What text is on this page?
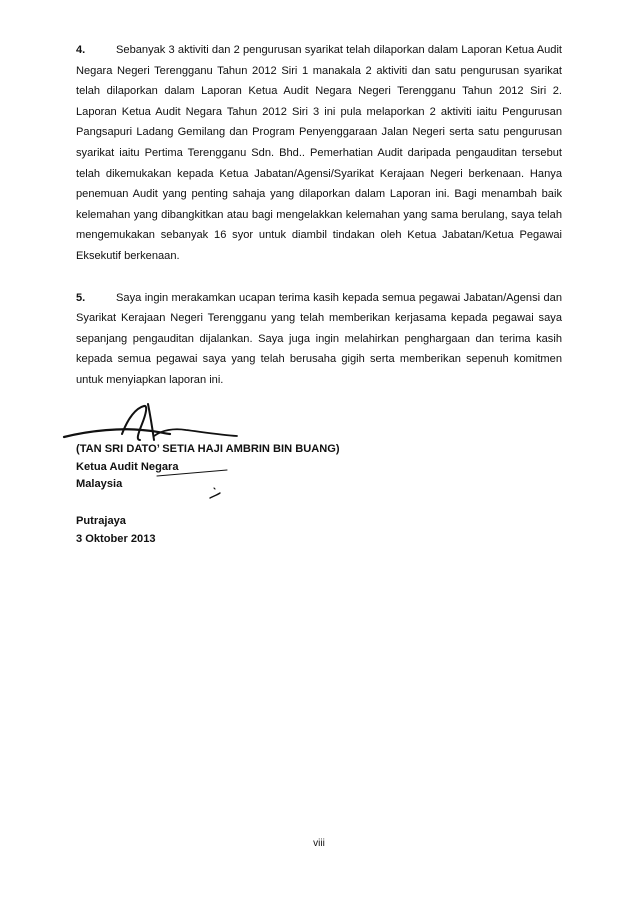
4.	Sebanyak 3 aktiviti dan 2 pengurusan syarikat telah dilaporkan dalam Laporan Ketua Audit Negara Negeri Terengganu Tahun 2012 Siri 1 manakala 2 aktiviti dan satu pengurusan syarikat telah dilaporkan dalam Laporan Ketua Audit Negara Negeri Terengganu Tahun 2012 Siri 2. Laporan Ketua Audit Negara Tahun 2012 Siri 3 ini pula melaporkan 2 aktiviti iaitu Pengurusan Pangsapuri Ladang Gemilang dan Program Penyenggaraan Jalan Negeri serta satu pengurusan syarikat iaitu Pertima Terengganu Sdn. Bhd.. Pemerhatian Audit daripada pengauditan tersebut telah dikemukakan kepada Ketua Jabatan/Agensi/Syarikat Kerajaan Negeri berkenaan. Hanya penemuan Audit yang penting sahaja yang dilaporkan dalam Laporan ini. Bagi menambah baik kelemahan yang dibangkitkan atau bagi mengelakkan kelemahan yang sama berulang, saya telah mengemukakan sebanyak 16 syor untuk diambil tindakan oleh Ketua Jabatan/Ketua Pegawai Eksekutif berkenaan.

5.	Saya ingin merakamkan ucapan terima kasih kepada semua pegawai Jabatan/Agensi dan Syarikat Kerajaan Negeri Terengganu yang telah memberikan kerjasama kepada pegawai saya sepanjang pengauditan dijalankan. Saya juga ingin melahirkan penghargaan dan terima kasih kepada semua pegawai saya yang telah berusaha gigih serta memberikan sepenuh komitmen untuk menyiapkan laporan ini.

(TAN SRI DATO’ SETIA HAJI AMBRIN BIN BUANG)
Ketua Audit Negara
Malaysia
Putrajaya
3 Oktober 2013
viii
